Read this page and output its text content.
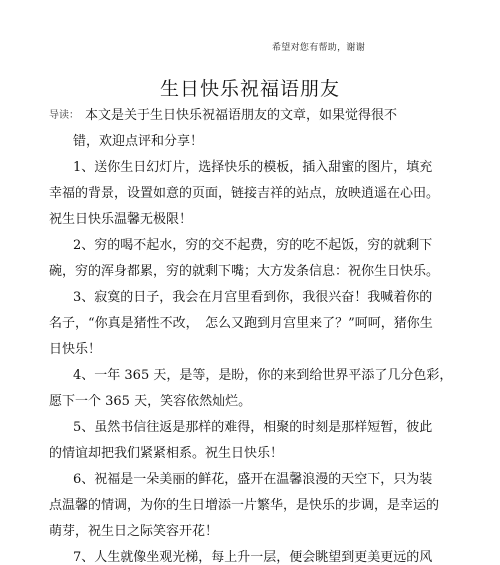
希望对您有帮助，谢谢
生日快乐祝福语朋友
导读： 本文是关于生日快乐祝福语朋友的文章，如果觉得很不
错，欢迎点评和分享！
1、送你生日幻灯片，选择快乐的模板，插入甜蜜的图片，填充
幸福的背景，设置如意的页面，链接吉祥的站点，放映逍遥在心田。
祝生日快乐温馨无极限！
2、穷的喝不起水，穷的交不起费，穷的吃不起饭，穷的就剩下
碗，穷的浑身都累，穷的就剩下嘴；大方发条信息：祝你生日快乐。
3、寂寞的日子，我会在月宫里看到你，我很兴奋！我喊着你的
名子，“你真是猪性不改，　怎么又跑到月宫里来了？”呵呵，猪你生
日快乐！
4、一年 365 天，是等，是盼，你的来到给世界平添了几分色彩，
愿下一个 365 天，笑容依然灿烂。
5、虽然书信往返是那样的难得，相聚的时刻是那样短暂，彼此
的情谊却把我们紧紧相系。祝生日快乐！
6、祝福是一朵美丽的鲜花，盛开在温馨浪漫的天空下，只为装
点温馨的情调，为你的生日增添一片繁华，是快乐的步调，是幸运的
萌芽，祝生日之际笑容开花！
7、人生就像坐观光梯，每上升一层，便会眺望到更美更远的风
